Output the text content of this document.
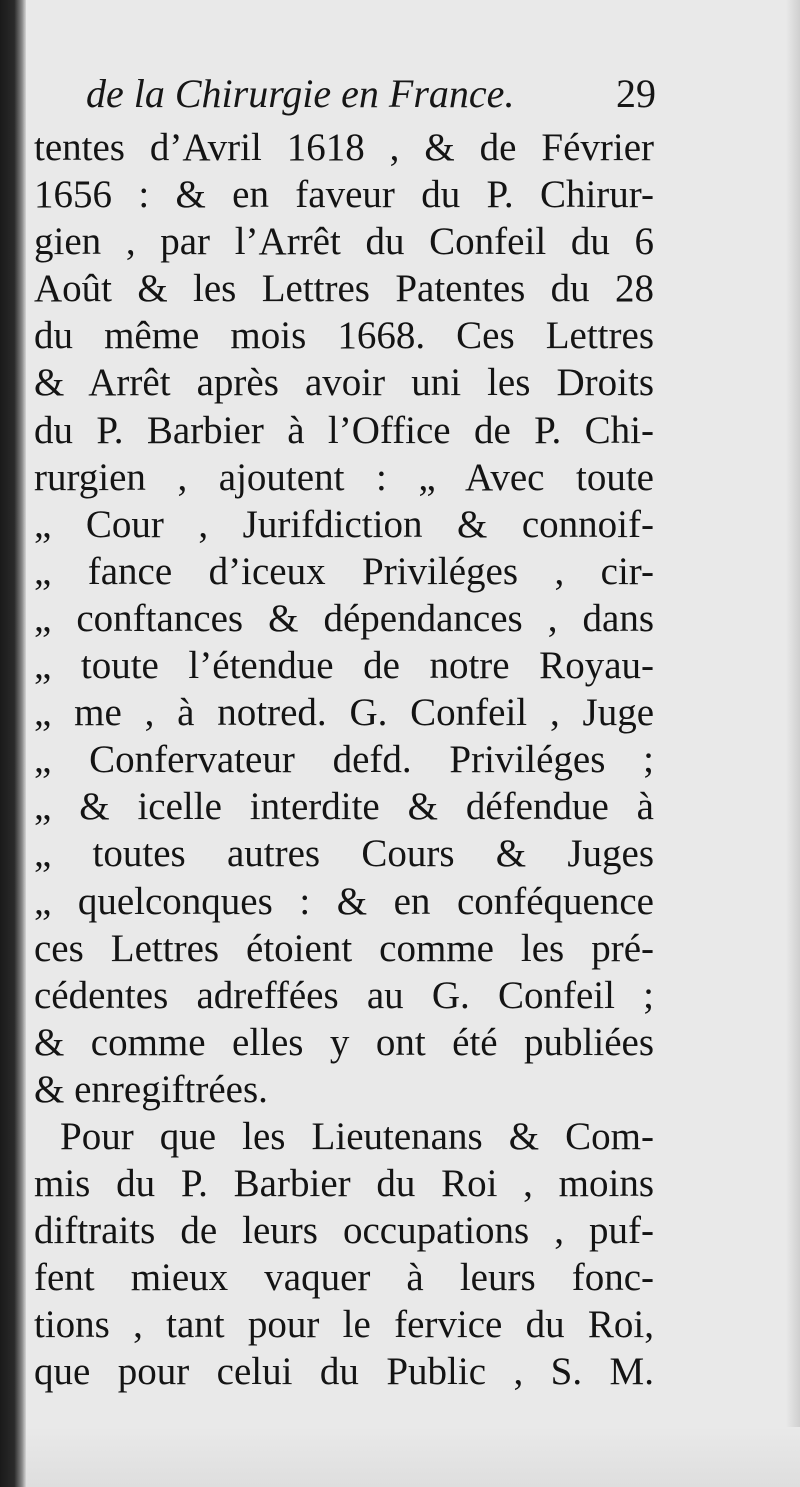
de la Chirurgie en France.	29
tentes d’Avril 1618 , & de Février
1656 : & en faveur du P. Chirur-
gien , par l’Arrêt du Confeil du 6
Août & les Lettres Patentes du 28
du même mois 1668. Ces Lettres
& Arrêt après avoir uni les Droits
du P. Barbier à l’Office de P. Chi-
rurgien , ajoutent : „ Avec toute
„ Cour , Jurifdiction & connoif-
„ fance d’iceux Priviléges , cir-
„ conftances & dépendances , dans
„ toute l’étendue de notre Royau-
„ me , à notred. G. Confeil , Juge
„ Confervateur defd. Priviléges ;
„ & icelle interdite & défendue à
„ toutes autres Cours & Juges
„ quelconques : & en conféquence
ces Lettres étoient comme les pré-
cédentes adreffées au G. Confeil ;
& comme elles y ont été publiées
& enregiftrées.
Pour que les Lieutenans & Com-
mis du P. Barbier du Roi , moins
diftraits de leurs occupations , puf-
fent mieux vaquer à leurs fonc-
tions , tant pour le fervice du Roi,
que pour celui du Public , S. M.
